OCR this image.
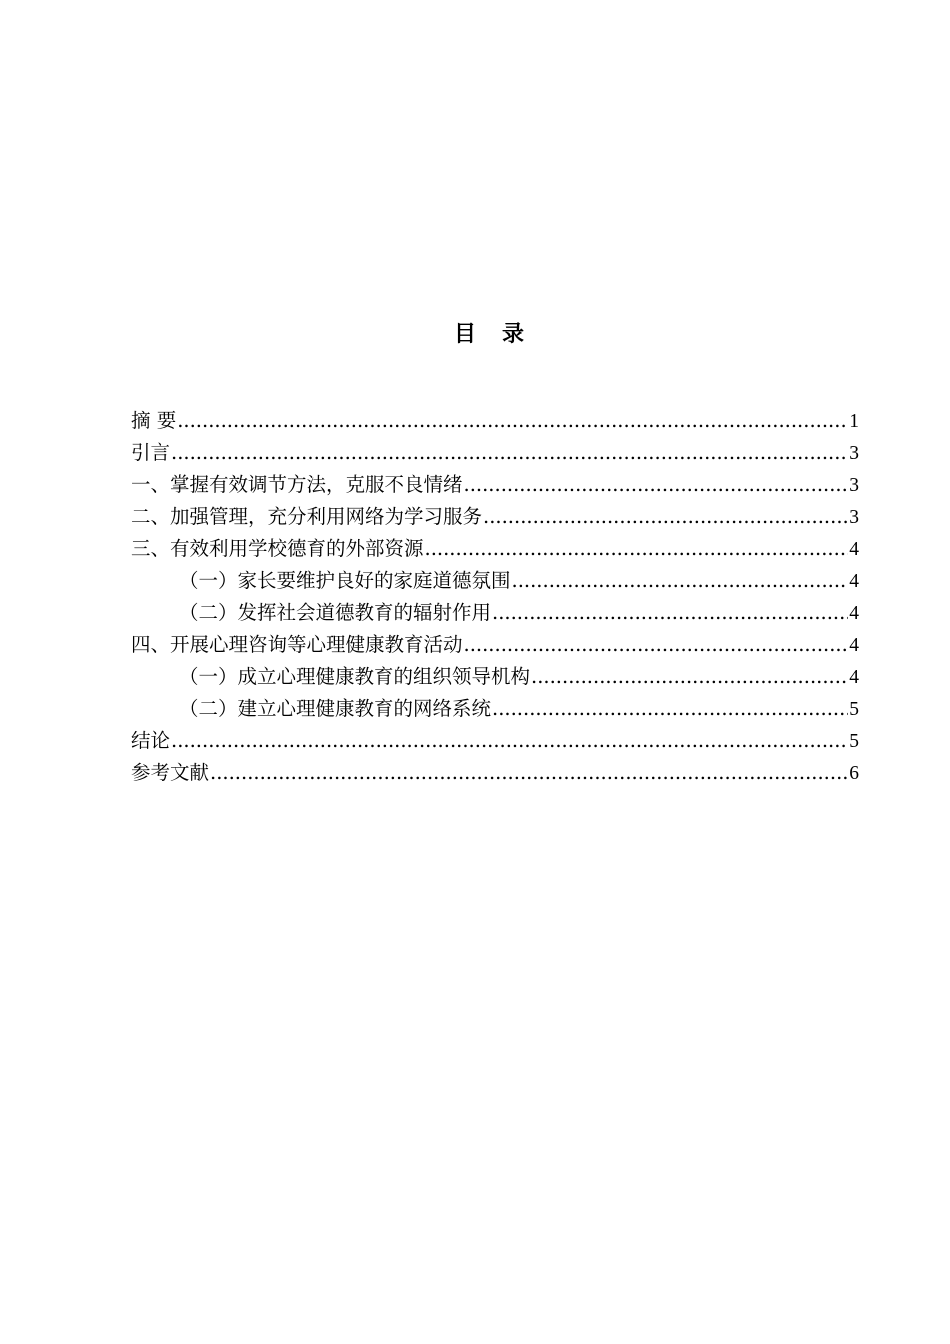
目录
摘 要 .....	1
引言 .....	3
一、掌握有效调节方法，克服不良情绪 .....	3
二、加强管理，充分利用网络为学习服务 .....	3
三、有效利用学校德育的外部资源 .....	4
（一）家长要维护良好的家庭道德氛围 .....	4
（二）发挥社会道德教育的辐射作用 .....	4
四、开展心理咨询等心理健康教育活动 .....	4
（一）成立心理健康教育的组织领导机构 .....	4
（二）建立心理健康教育的网络系统 .....	5
结论 .....	5
参考文献 .....	6
